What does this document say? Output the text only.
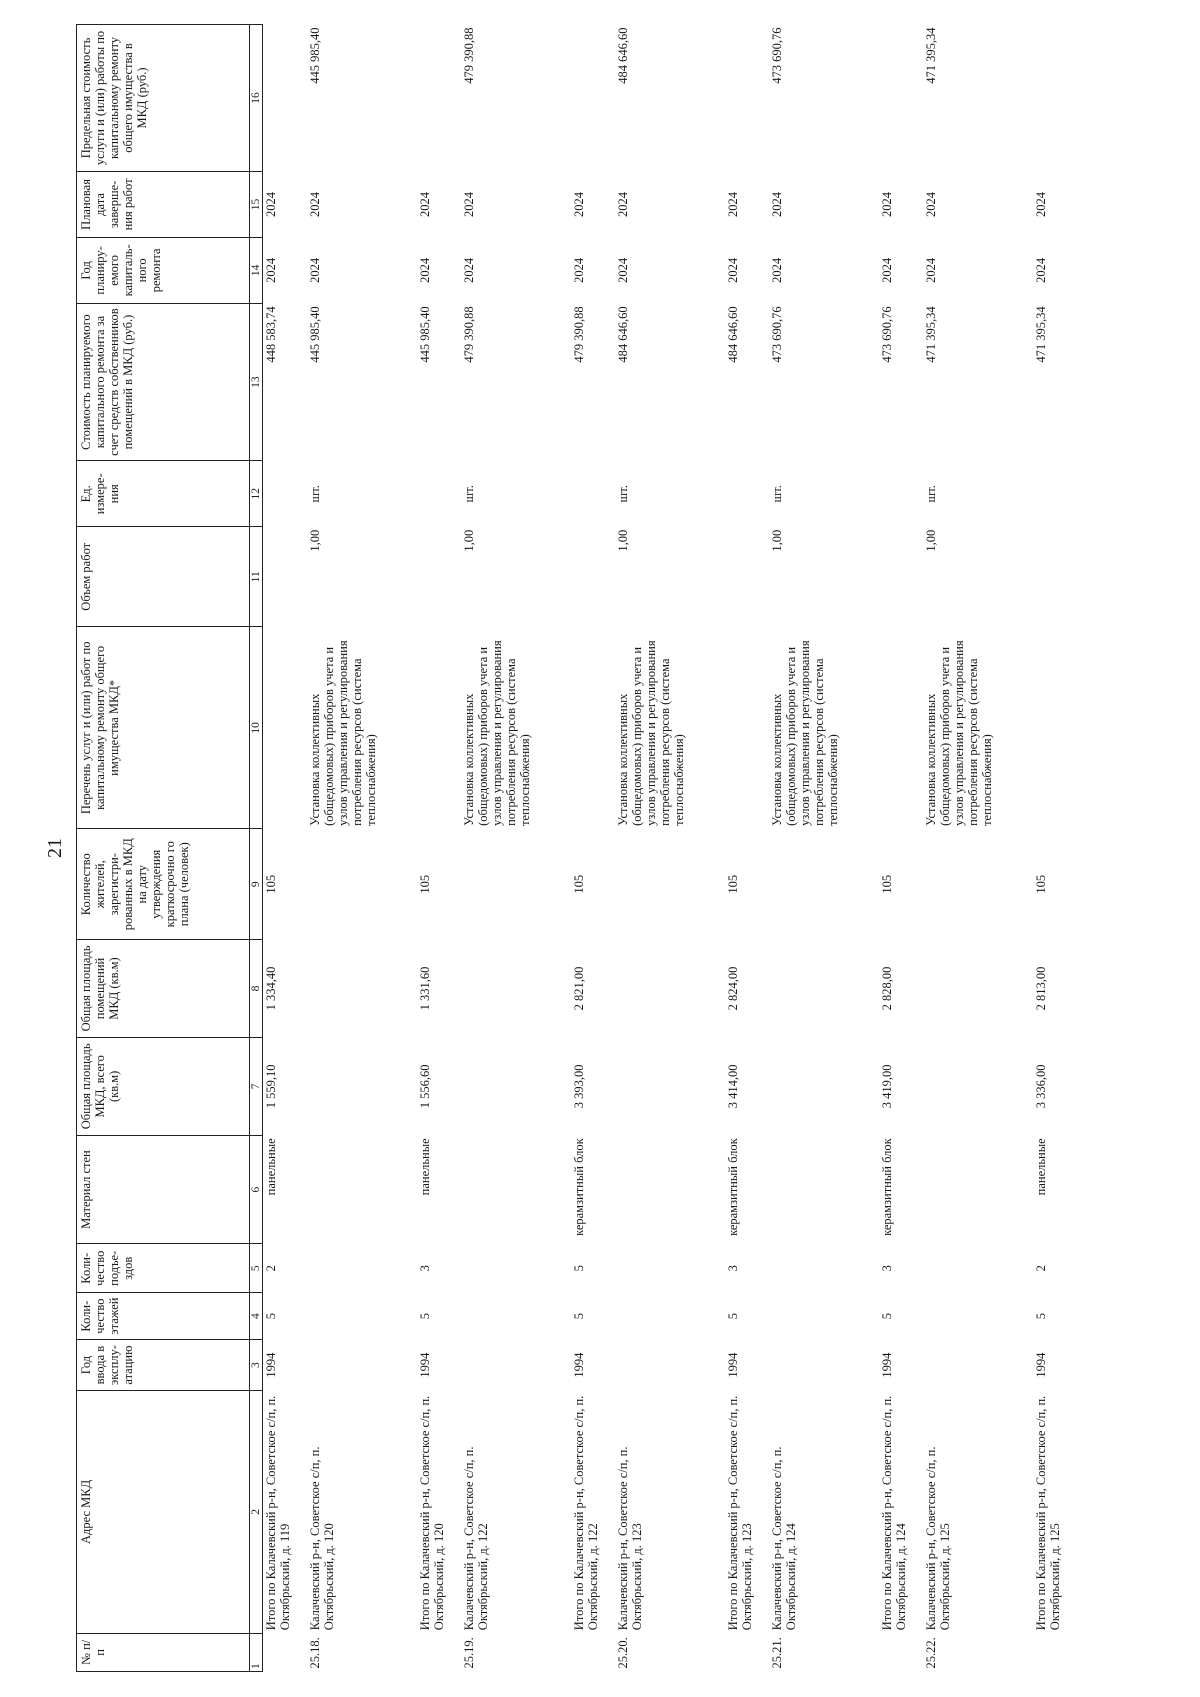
21
№ п/п	Адрес МКД	Год ввода в эксплу-атацию	Коли-чество этажей	Коли-чество подъе-здов	Материал стен	Общая площадь МКД, всего (кв.м)	Общая площадь помещений МКД (кв.м)	Количество жителей, зарегистри-рованных в МКД на дату утверждения краткосрочно го плана (человек)	Перечень услуг и (или) работ по капитальному ремонту общего имущества МКД*	Объем работ	Ед. измере-ния	Стоимость планируемого капитального ремонта за счет средств собственников помещений в МКД (руб.)	Год планиру-емого капиталь-ного ремонта	Плановая дата заверше-ния работ	Предельная стоимость услуги и (или) работы по капитальному ремонту общего имущества в МКД (руб.)
1	2	3	4	5	6	7	8	9	10	11	12	13	14	15	16
	Итого по Калачевский р-н, Советское с/п, п. Октябрьский, д. 119	1994	5	2	панельные	1 559,10	1 334,40	105				448 583,74	2024	2024	
25.18.	Калачевский р-н, Советское с/п, п. Октябрьский, д. 120								Установка коллективных (общедомовых) приборов учета и узлов управления и регулирования потребления ресурсов (система теплоснабжения)	1,00	шт.	445 985,40	2024	2024	445 985,40
	Итого по Калачевский р-н, Советское с/п, п. Октябрьский, д. 120	1994	5	3	панельные	1 556,60	1 331,60	105				445 985,40	2024	2024	
25.19.	Калачевский р-н, Советское с/п, п. Октябрьский, д. 122								Установка коллективных (общедомовых) приборов учета и узлов управления и регулирования потребления ресурсов (система теплоснабжения)	1,00	шт.	479 390,88	2024	2024	479 390,88
	Итого по Калачевский р-н, Советское с/п, п. Октябрьский, д. 122	1994	5	5	керамзитный блок	3 393,00	2 821,00	105				479 390,88	2024	2024	
25.20.	Калачевский р-н, Советское с/п, п. Октябрьский, д. 123								Установка коллективных (общедомовых) приборов учета и узлов управления и регулирования потребления ресурсов (система теплоснабжения)	1,00	шт.	484 646,60	2024	2024	484 646,60
	Итого по Калачевский р-н, Советское с/п, п. Октябрьский, д. 123	1994	5	3	керамзитный блок	3 414,00	2 824,00	105				484 646,60	2024	2024	
25.21.	Калачевский р-н, Советское с/п, п. Октябрьский, д. 124								Установка коллективных (общедомовых) приборов учета и узлов управления и регулирования потребления ресурсов (система теплоснабжения)	1,00	шт.	473 690,76	2024	2024	473 690,76
	Итого по Калачевский р-н, Советское с/п, п. Октябрьский, д. 124	1994	5	3	керамзитный блок	3 419,00	2 828,00	105				473 690,76	2024	2024	
25.22.	Калачевский р-н, Советское с/п, п. Октябрьский, д. 125								Установка коллективных (общедомовых) приборов учета и узлов управления и регулирования потребления ресурсов (система теплоснабжения)	1,00	шт.	471 395,34	2024	2024	471 395,34
	Итого по Калачевский р-н, Советское с/п, п. Октябрьский, д. 125	1994	5	2	панельные	3 336,00	2 813,00	105				471 395,34	2024	2024	
